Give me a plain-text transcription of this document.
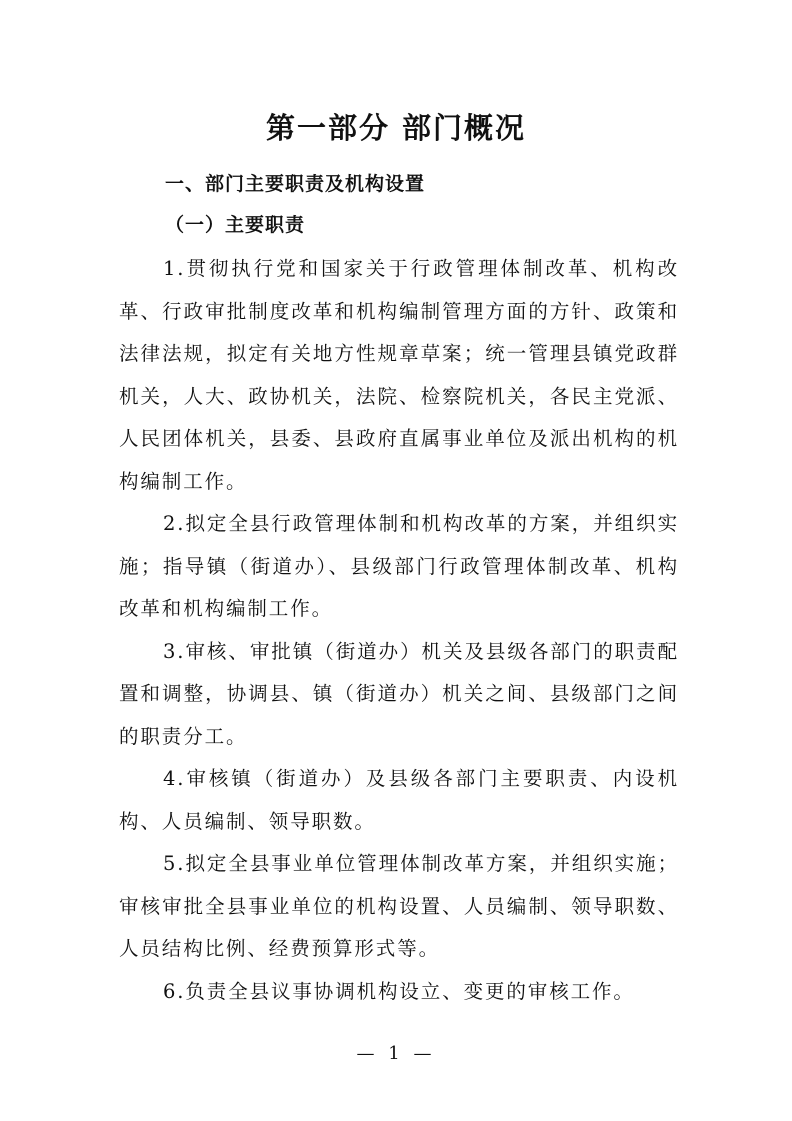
第一部分 部门概况
一、部门主要职责及机构设置
（一）主要职责

1.贯彻执行党和国家关于行政管理体制改革、机构改革、行政审批制度改革和机构编制管理方面的方针、政策和法律法规，拟定有关地方性规章草案；统一管理县镇党政群机关，人大、政协机关，法院、检察院机关，各民主党派、人民团体机关，县委、县政府直属事业单位及派出机构的机构编制工作。

2.拟定全县行政管理体制和机构改革的方案，并组织实施；指导镇（街道办）、县级部门行政管理体制改革、机构改革和机构编制工作。

3.审核、审批镇（街道办）机关及县级各部门的职责配置和调整，协调县、镇（街道办）机关之间、县级部门之间的职责分工。

4.审核镇（街道办）及县级各部门主要职责、内设机构、人员编制、领导职数。

5.拟定全县事业单位管理体制改革方案，并组织实施；审核审批全县事业单位的机构设置、人员编制、领导职数、人员结构比例、经费预算形式等。

6.负责全县议事协调机构设立、变更的审核工作。

— 1 —
